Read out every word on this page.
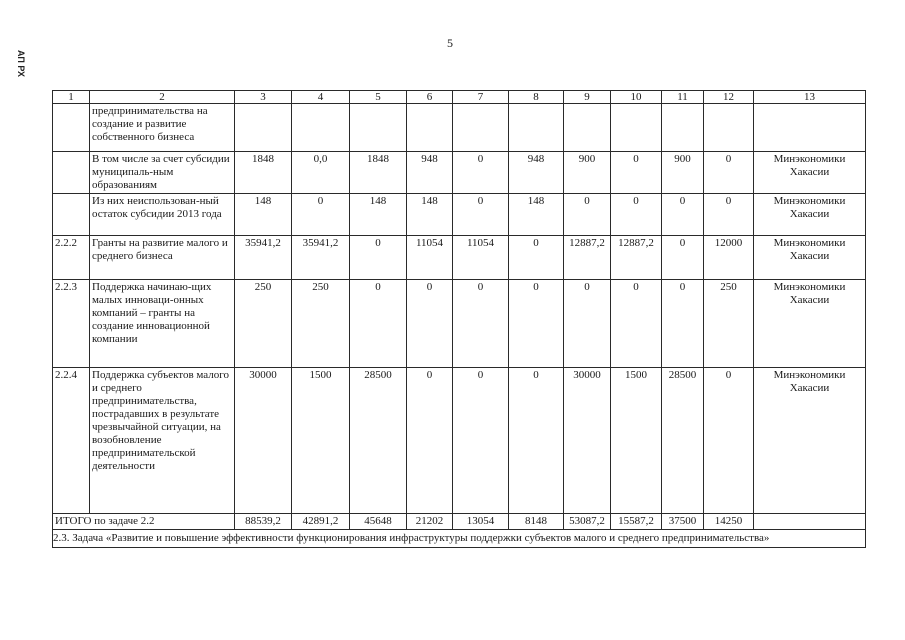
5
АП РХ
1	2	3	4	5	6	7	8	9	10	11	12	13
	предпринимательства на создание и развитие собственного бизнеса											
	В том числе за счет субсидии муниципаль-ным образованиям	1848	0,0	1848	948	0	948	900	0	900	0	Минэкономики Хакасии
	Из них неиспользован-ный остаток субсидии 2013 года	148	0	148	148	0	148	0	0	0	0	Минэкономики Хакасии
2.2.2	Гранты на развитие малого и среднего бизнеса	35941,2	35941,2	0	11054	11054	0	12887,2	12887,2	0	12000	Минэкономики Хакасии
2.2.3	Поддержка начинаю-щих малых инноваци-онных компаний – гранты на создание инновационной компании	250	250	0	0	0	0	0	0	0	250	Минэкономики Хакасии
2.2.4	Поддержка субъектов малого и среднего предпринимательства, пострадавших в результате чрезвычайной ситуации, на возобновление предпринимательской деятельности	30000	1500	28500	0	0	0	30000	1500	28500	0	Минэкономики Хакасии
ИТОГО по задаче 2.2		88539,2	42891,2	45648	21202	13054	8148	53087,2	15587,2	37500	14250	
2.3. Задача «Развитие и повышение эффективности функционирования инфраструктуры поддержки субъектов малого и среднего предпринимательства»												
